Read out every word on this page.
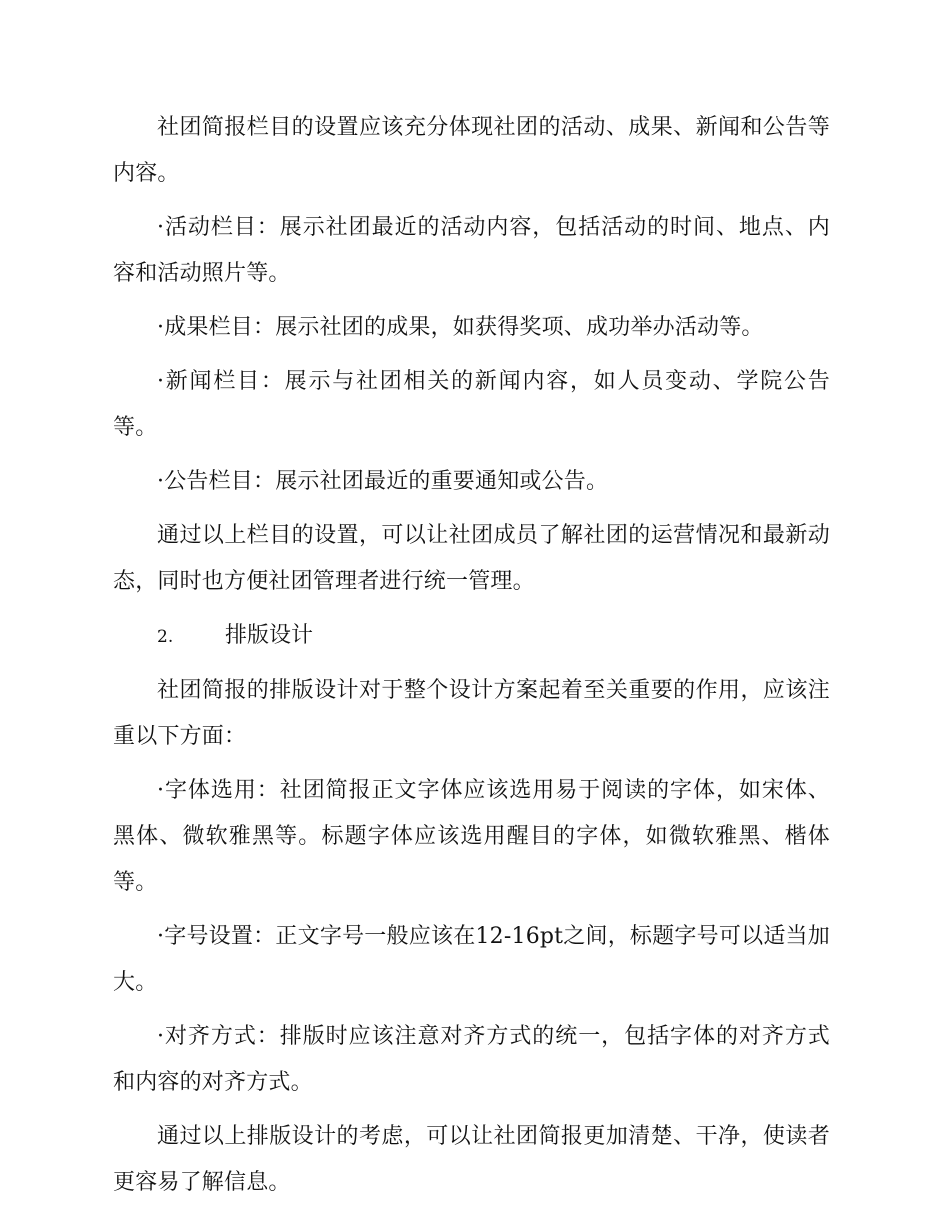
社团简报栏目的设置应该充分体现社团的活动、成果、新闻和公告等内容。

·活动栏目：展示社团最近的活动内容，包括活动的时间、地点、内容和活动照片等。

·成果栏目：展示社团的成果，如获得奖项、成功举办活动等。

·新闻栏目：展示与社团相关的新闻内容，如人员变动、学院公告等。

·公告栏目：展示社团最近的重要通知或公告。

通过以上栏目的设置，可以让社团成员了解社团的运营情况和最新动态，同时也方便社团管理者进行统一管理。

2.	排版设计

社团简报的排版设计对于整个设计方案起着至关重要的作用，应该注重以下方面：

·字体选用：社团简报正文字体应该选用易于阅读的字体，如宋体、黑体、微软雅黑等。标题字体应该选用醒目的字体，如微软雅黑、楷体等。

·字号设置：正文字号一般应该在12-16pt之间，标题字号可以适当加大。

·对齐方式：排版时应该注意对齐方式的统一，包括字体的对齐方式和内容的对齐方式。

通过以上排版设计的考虑，可以让社团简报更加清楚、干净，使读者更容易了解信息。
